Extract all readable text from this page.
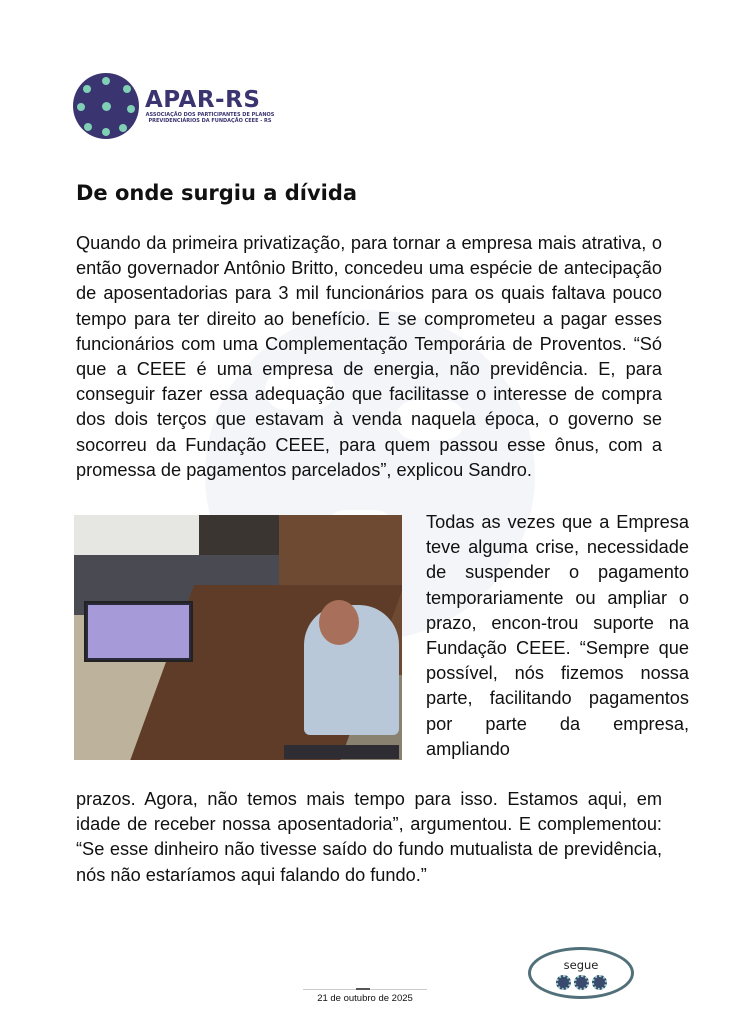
APAR-RS
ASSOCIAÇÃO DOS PARTICIPANTES DE PLANOS
PREVIDENCIÁRIOS DA FUNDAÇÃO CEEE - RS
De onde surgiu a dívida

Quando da primeira privatização, para tornar a empresa mais atrativa, o então governador Antônio Britto, concedeu uma espécie de antecipação de aposentadorias para 3 mil funcionários para os quais faltava pouco tempo para ter direito ao benefício. E se comprometeu a pagar esses funcionários com uma Complementação Temporária de Proventos. “Só que a CEEE é uma empresa de energia, não previdência. E, para conseguir fazer essa adequação que facilitasse o interesse de compra dos dois terços que estavam à venda naquela época, o governo se socorreu da Fundação CEEE, para quem passou esse ônus, com a promessa de pagamentos parcelados”, explicou Sandro.

Todas as vezes que a Empresa teve alguma crise, necessidade de suspender o pagamento temporariamente ou ampliar o prazo, encon-trou suporte na Fundação CEEE. “Sempre que possível, nós fizemos nossa parte, facilitando pagamentos por parte da empresa, ampliando

prazos. Agora, não temos mais tempo para isso. Estamos aqui, em idade de receber nossa aposentadoria”, argumentou. E complementou: “Se esse dinheiro não tivesse saído do fundo mutualista de previdência, nós não estaríamos aqui falando do fundo.”

segue
21 de outubro de 2025
